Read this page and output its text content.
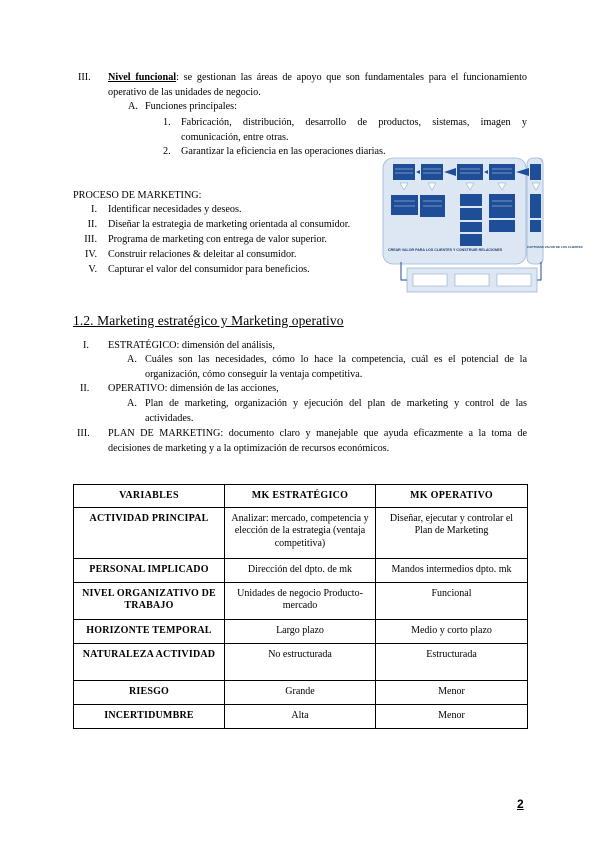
III. Nivel funcional: se gestionan las áreas de apoyo que son fundamentales para el funcionamiento operativo de las unidades de negocio.
A. Funciones principales:
1. Fabricación, distribución, desarrollo de productos, sistemas, imagen y comunicación, entre otras.
2. Garantizar la eficiencia en las operaciones diarias.
PROCESO DE MARKETING:
I. Identificar necesidades y deseos.
II. Diseñar la estrategia de marketing orientada al consumidor.
III. Programa de marketing con entrega de valor superior.
IV. Construir relaciones & deleitar al consumidor.
V. Capturar el valor del consumidor para beneficios.
CREAR VALOR PARA LOS CLIENTES Y CONSTRUIR RELACIONES
CAPTURAR VALOR DE LOS CLIENTES
1.2. Marketing estratégico y Marketing operativo
I. ESTRATÉGICO: dimensión del análisis,
A. Cuáles son las necesidades, cómo lo hace la competencia, cuál es el potencial de la organización, cómo conseguir la ventaja competitiva.
II. OPERATIVO: dimensión de las acciones,
A. Plan de marketing, organización y ejecución del plan de marketing y control de las actividades.
III. PLAN DE MARKETING: documento claro y manejable que ayuda eficazmente a la toma de decisiones de marketing y a la optimización de recursos económicos.
VARIABLES	MK ESTRATÉGICO	MK OPERATIVO
ACTIVIDAD PRINCIPAL	Analizar: mercado, competencia y elección de la estrategia (ventaja competitiva)	Diseñar, ejecutar y controlar el Plan de Marketing
PERSONAL IMPLICADO	Dirección del dpto. de mk	Mandos intermedios dpto. mk
NIVEL ORGANIZATIVO DE TRABAJO	Unidades de negocio Producto-mercado	Funcional
HORIZONTE TEMPORAL	Largo plazo	Medio y corto plazo
NATURALEZA ACTIVIDAD	No estructurada	Estructurada
RIESGO	Grande	Menor
INCERTIDUMBRE	Alta	Menor
2
